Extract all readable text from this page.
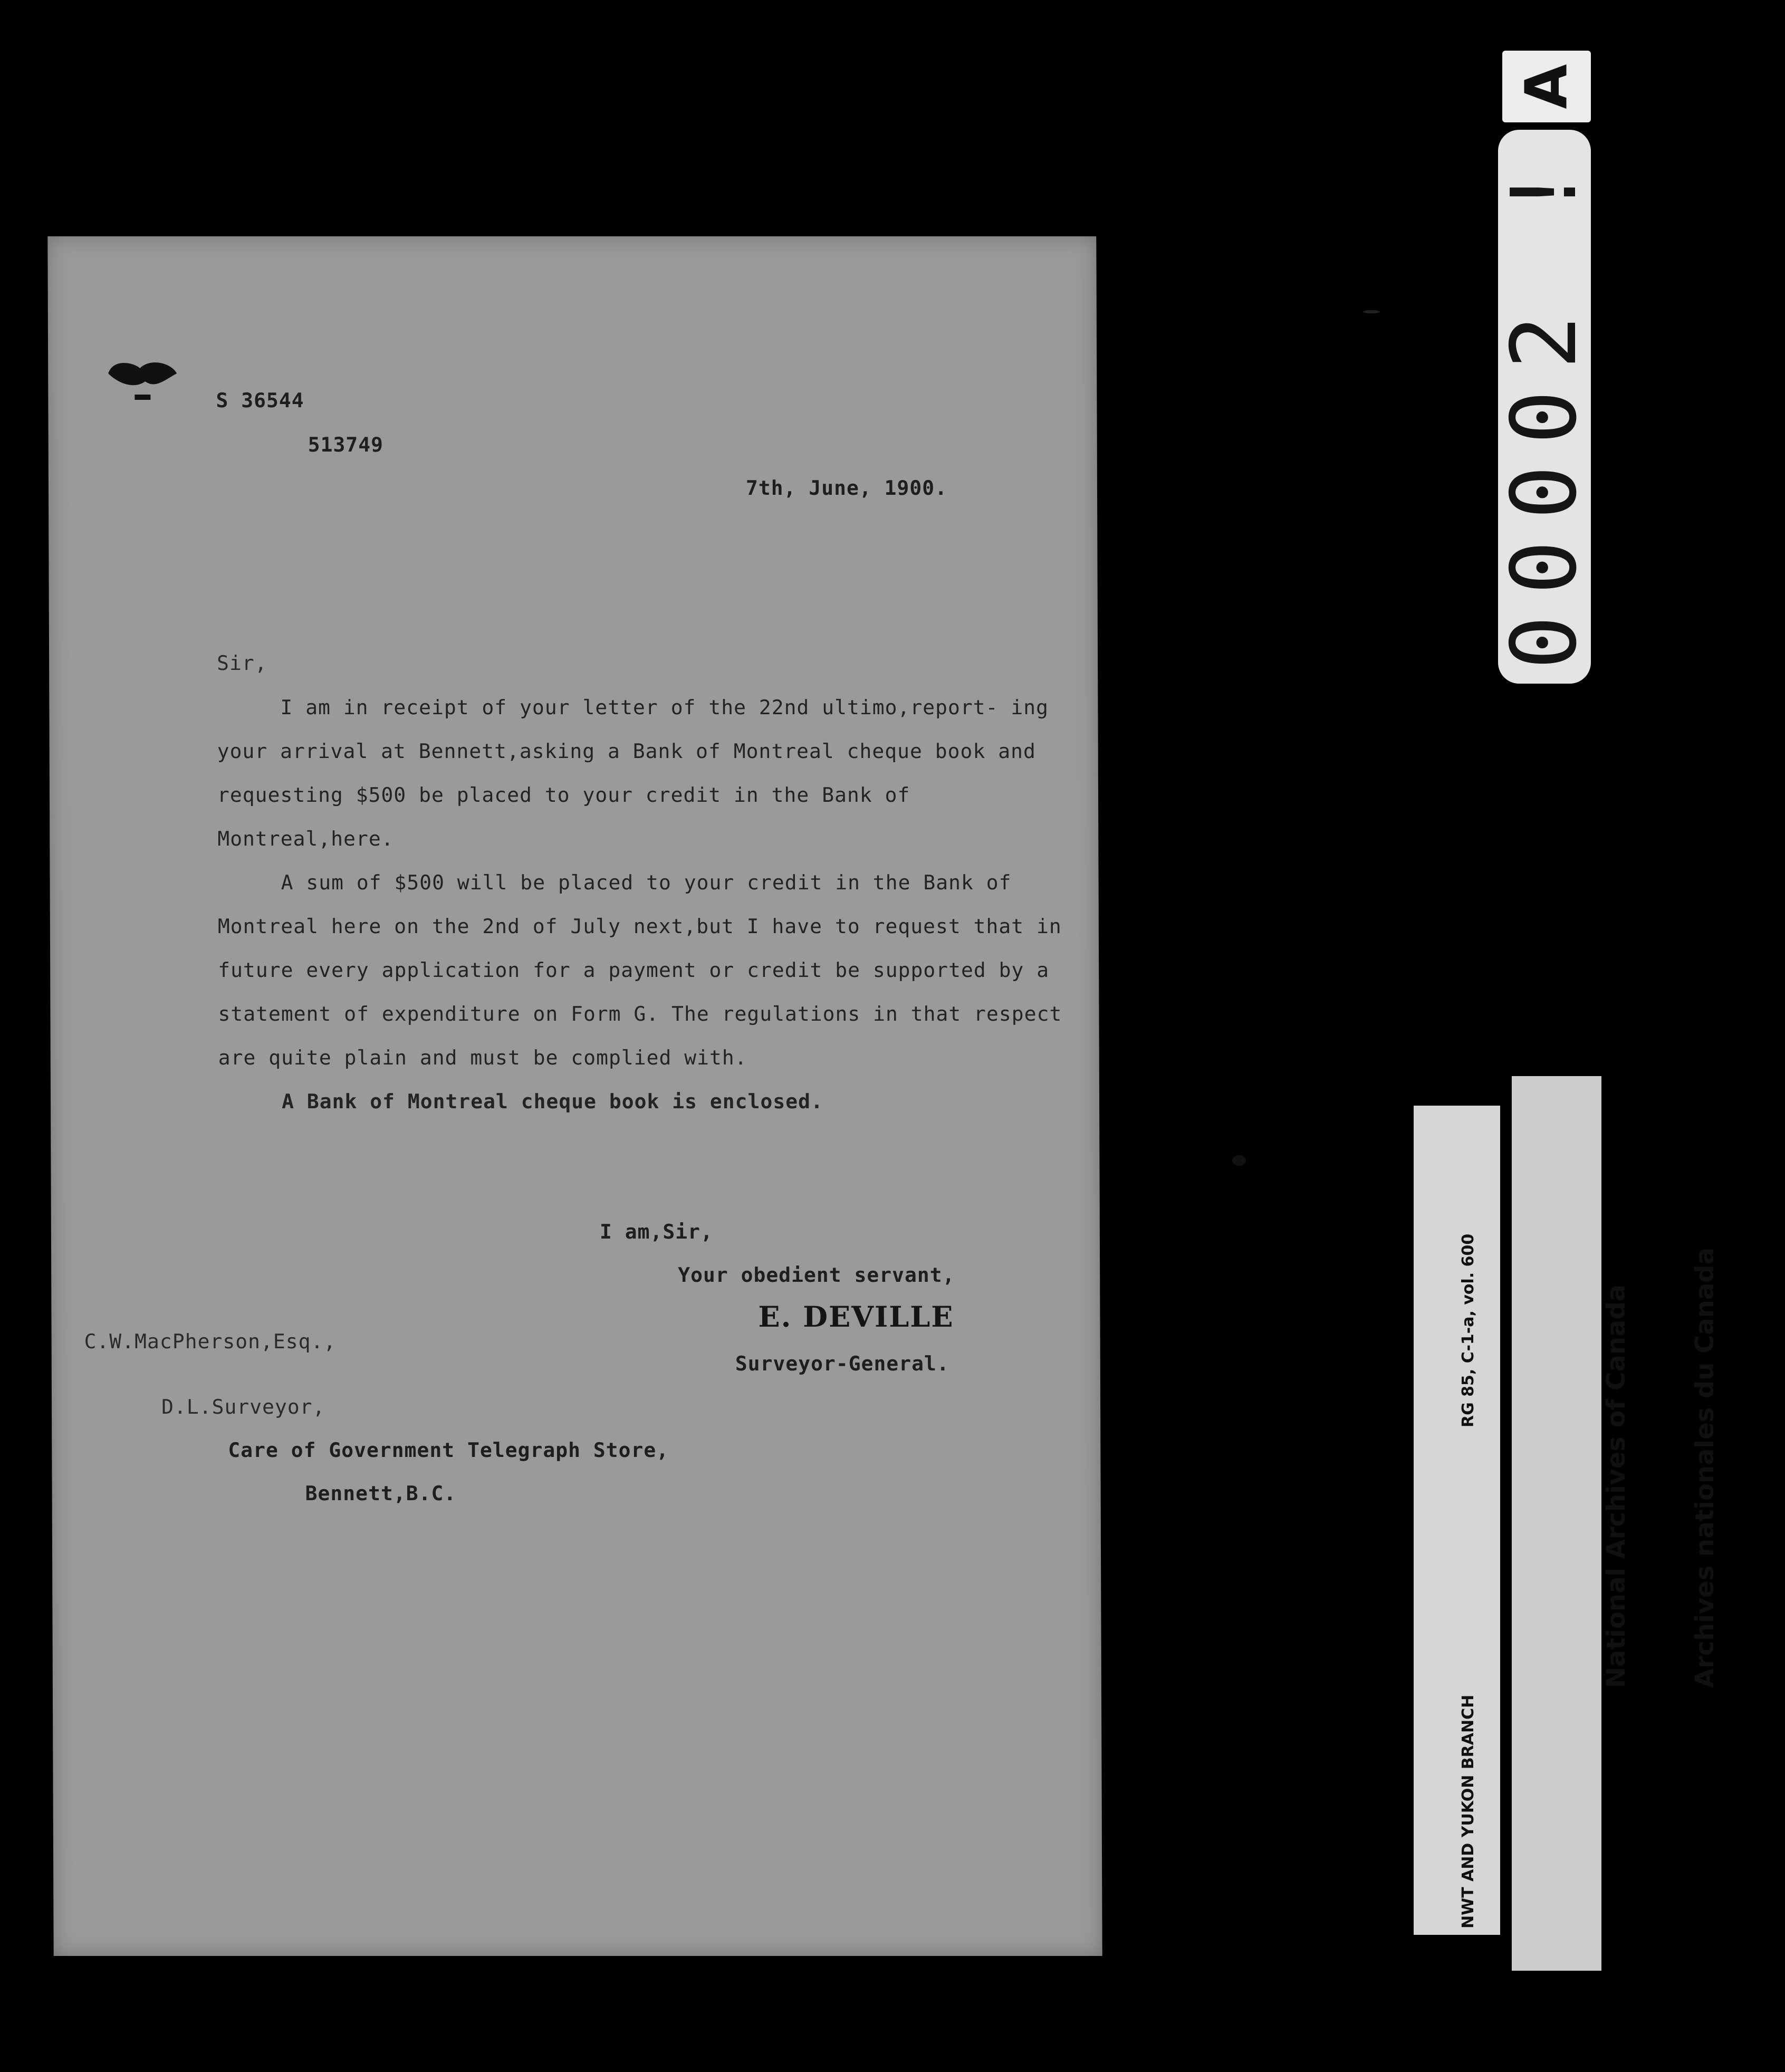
S 36544
513749
7th, June, 1900.
Sir,

I am in receipt of your letter of the 22nd ultimo,report- ing your arrival at Bennett,asking a Bank of Montreal cheque book and requesting $500 be placed to your credit in the Bank of Montreal,here.

A sum of $500 will be placed to your credit in the Bank of Montreal here on the 2nd of July next,but I have to request that in future every application for a payment or credit be supported by a statement of expenditure on Form G. The regulations in that respect are quite plain and must be complied with.

A Bank of Montreal cheque book is enclosed.

I am,Sir,
Your obedient servant,
E. DEVILLE
Surveyor-General.
C.W.MacPherson,Esq.,
D.L.Surveyor,
Care of Government Telegraph Store,
Bennett,B.C.
A
00002 !

NWT AND YUKON BRANCH

RG 85, C-1-a, vol. 600

	National Archives of Canada

Archives nationales du Canada
